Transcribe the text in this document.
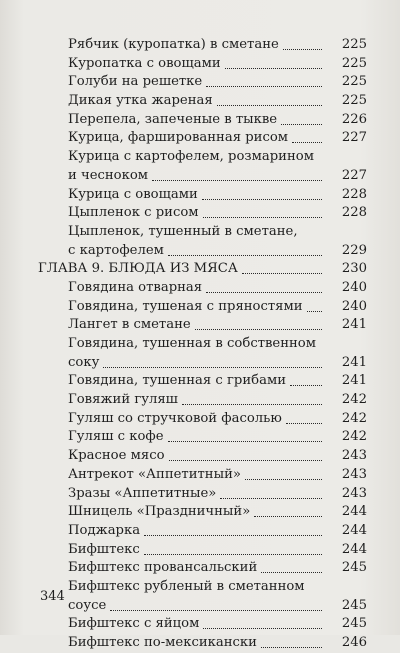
Рябчик (куропатка) в сметане	225
Куропатка с овощами	225
Голуби на решетке	225
Дикая утка жареная	225
Перепела, запеченые в тыкве	226
Курица, фаршированная рисом	227
Курица с картофелем, розмарином
и чесноком	227
Курица с овощами	228
Цыпленок с рисом	228
Цыпленок, тушенный в сметане,
с картофелем	229
ГЛАВА 9. БЛЮДА ИЗ МЯСА	230
Говядина отварная	240
Говядина, тушеная с пряностями	240
Лангет в сметане	241
Говядина, тушенная в собственном
соку	241
Говядина, тушенная с грибами	241
Говяжий гуляш	242
Гуляш со стручковой фасолью	242
Гуляш с кофе	242
Красное мясо	243
Антрекот «Аппетитный»	243
Зразы «Аппетитные»	243
Шницель «Праздничный»	244
Поджарка	244
Бифштекс	244
Бифштекс провансальский	245
Бифштекс рубленый в сметанном
соусе	245
Бифштекс с яйцом	245
Бифштекс по-мексикански	246
344
